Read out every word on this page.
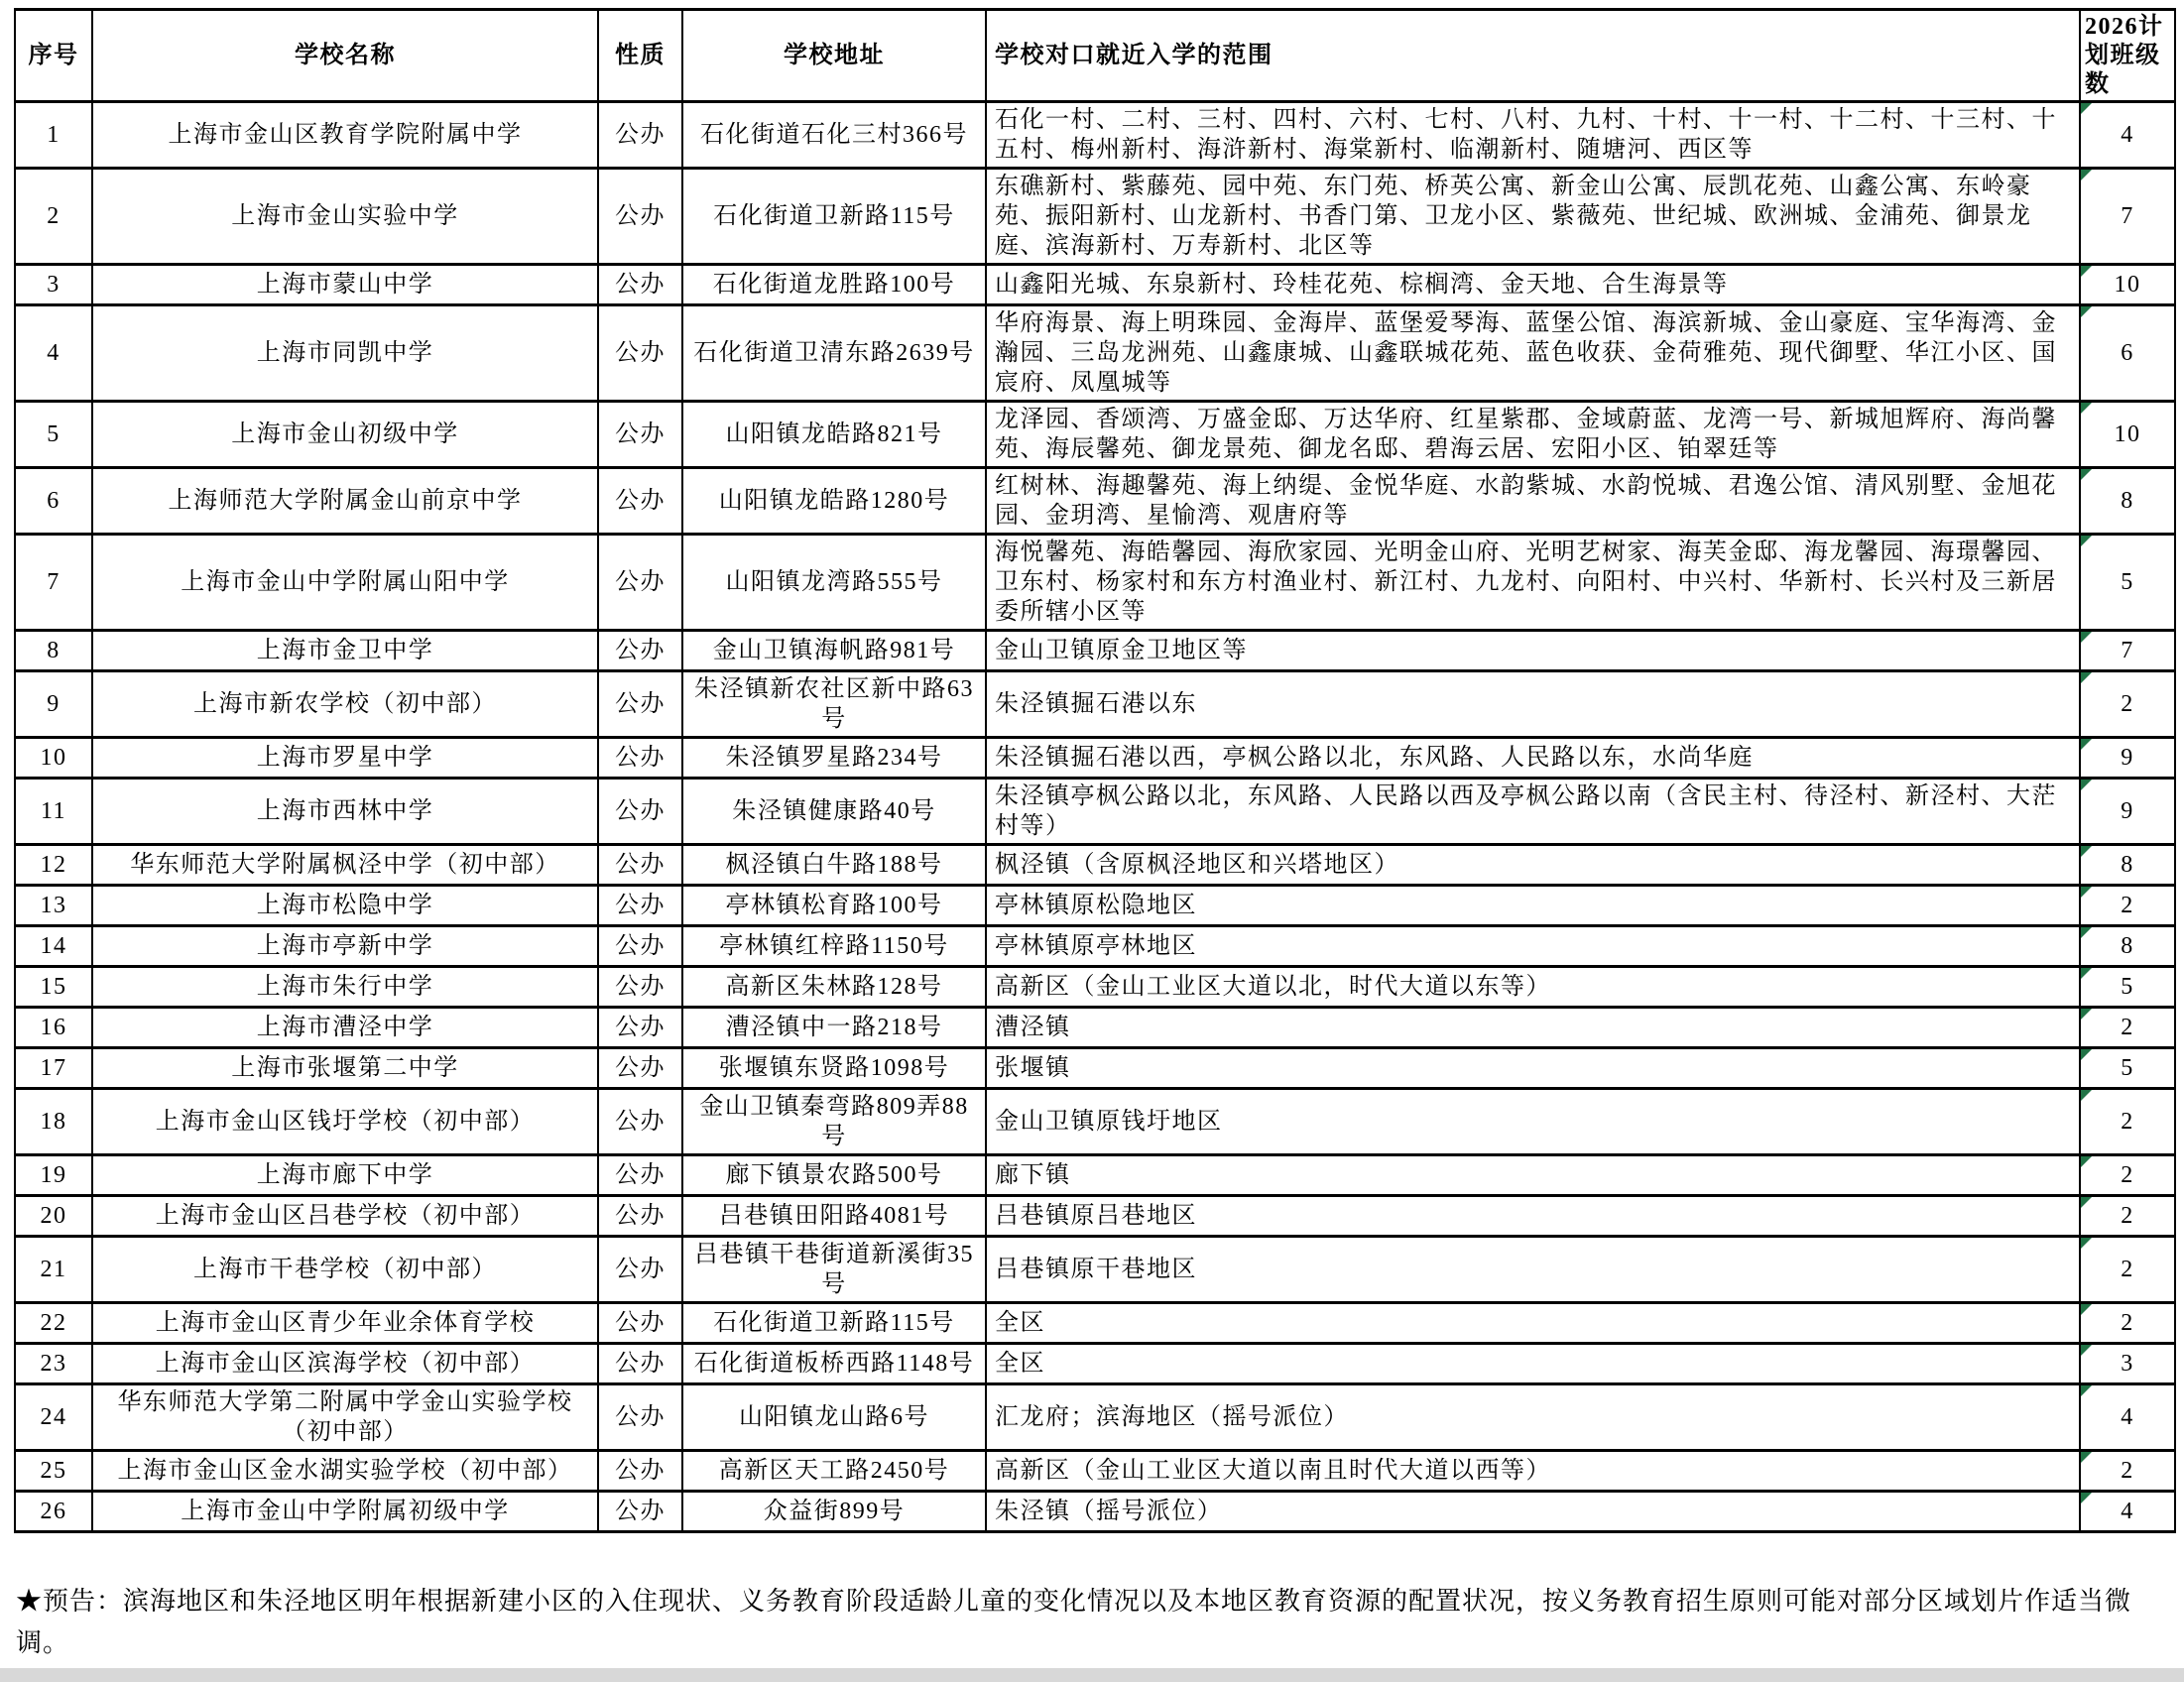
序号	学校名称	性质	学校地址	学校对口就近入学的范围	2026计划班级数
1	上海市金山区教育学院附属中学	公办	石化街道石化三村366号	石化一村、二村、三村、四村、六村、七村、八村、九村、十村、十一村、十二村、十三村、十五村、梅州新村、海浒新村、海棠新村、临潮新村、随塘河、西区等	4
2	上海市金山实验中学	公办	石化街道卫新路115号	东礁新村、紫藤苑、园中苑、东门苑、桥英公寓、新金山公寓、辰凯花苑、山鑫公寓、东岭豪苑、振阳新村、山龙新村、书香门第、卫龙小区、紫薇苑、世纪城、欧洲城、金浦苑、御景龙庭、滨海新村、万寿新村、北区等	7
3	上海市蒙山中学	公办	石化街道龙胜路100号	山鑫阳光城、东泉新村、玲桂花苑、棕榈湾、金天地、合生海景等	10
4	上海市同凯中学	公办	石化街道卫清东路2639号	华府海景、海上明珠园、金海岸、蓝堡爱琴海、蓝堡公馆、海滨新城、金山豪庭、宝华海湾、金瀚园、三岛龙洲苑、山鑫康城、山鑫联城花苑、蓝色收获、金荷雅苑、现代御墅、华江小区、国宸府、凤凰城等	6
5	上海市金山初级中学	公办	山阳镇龙皓路821号	龙泽园、香颂湾、万盛金邸、万达华府、红星紫郡、金域蔚蓝、龙湾一号、新城旭辉府、海尚馨苑、海辰馨苑、御龙景苑、御龙名邸、碧海云居、宏阳小区、铂翠廷等	10
6	上海师范大学附属金山前京中学	公办	山阳镇龙皓路1280号	红树林、海趣馨苑、海上纳缇、金悦华庭、水韵紫城、水韵悦城、君逸公馆、清风别墅、金旭花园、金玥湾、星愉湾、观唐府等	8
7	上海市金山中学附属山阳中学	公办	山阳镇龙湾路555号	海悦馨苑、海皓馨园、海欣家园、光明金山府、光明艺树家、海芙金邸、海龙馨园、海璟馨园、卫东村、杨家村和东方村渔业村、新江村、九龙村、向阳村、中兴村、华新村、长兴村及三新居委所辖小区等	5
8	上海市金卫中学	公办	金山卫镇海帆路981号	金山卫镇原金卫地区等	7
9	上海市新农学校（初中部）	公办	朱泾镇新农社区新中路63号	朱泾镇掘石港以东	2
10	上海市罗星中学	公办	朱泾镇罗星路234号	朱泾镇掘石港以西，亭枫公路以北，东风路、人民路以东，水尚华庭	9
11	上海市西林中学	公办	朱泾镇健康路40号	朱泾镇亭枫公路以北，东风路、人民路以西及亭枫公路以南（含民主村、待泾村、新泾村、大茫村等）	9
12	华东师范大学附属枫泾中学（初中部）	公办	枫泾镇白牛路188号	枫泾镇（含原枫泾地区和兴塔地区）	8
13	上海市松隐中学	公办	亭林镇松育路100号	亭林镇原松隐地区	2
14	上海市亭新中学	公办	亭林镇红梓路1150号	亭林镇原亭林地区	8
15	上海市朱行中学	公办	高新区朱林路128号	高新区（金山工业区大道以北，时代大道以东等）	5
16	上海市漕泾中学	公办	漕泾镇中一路218号	漕泾镇	2
17	上海市张堰第二中学	公办	张堰镇东贤路1098号	张堰镇	5
18	上海市金山区钱圩学校（初中部）	公办	金山卫镇秦弯路809弄88号	金山卫镇原钱圩地区	2
19	上海市廊下中学	公办	廊下镇景农路500号	廊下镇	2
20	上海市金山区吕巷学校（初中部）	公办	吕巷镇田阳路4081号	吕巷镇原吕巷地区	2
21	上海市干巷学校（初中部）	公办	吕巷镇干巷街道新溪街35号	吕巷镇原干巷地区	2
22	上海市金山区青少年业余体育学校	公办	石化街道卫新路115号	全区	2
23	上海市金山区滨海学校（初中部）	公办	石化街道板桥西路1148号	全区	3
24	华东师范大学第二附属中学金山实验学校（初中部）	公办	山阳镇龙山路6号	汇龙府；滨海地区（摇号派位）	4
25	上海市金山区金水湖实验学校（初中部）	公办	高新区天工路2450号	高新区（金山工业区大道以南且时代大道以西等）	2
26	上海市金山中学附属初级中学	公办	众益街899号	朱泾镇（摇号派位）	4
★预告：滨海地区和朱泾地区明年根据新建小区的入住现状、义务教育阶段适龄儿童的变化情况以及本地区教育资源的配置状况，按义务教育招生原则可能对部分区域划片作适当微调。
